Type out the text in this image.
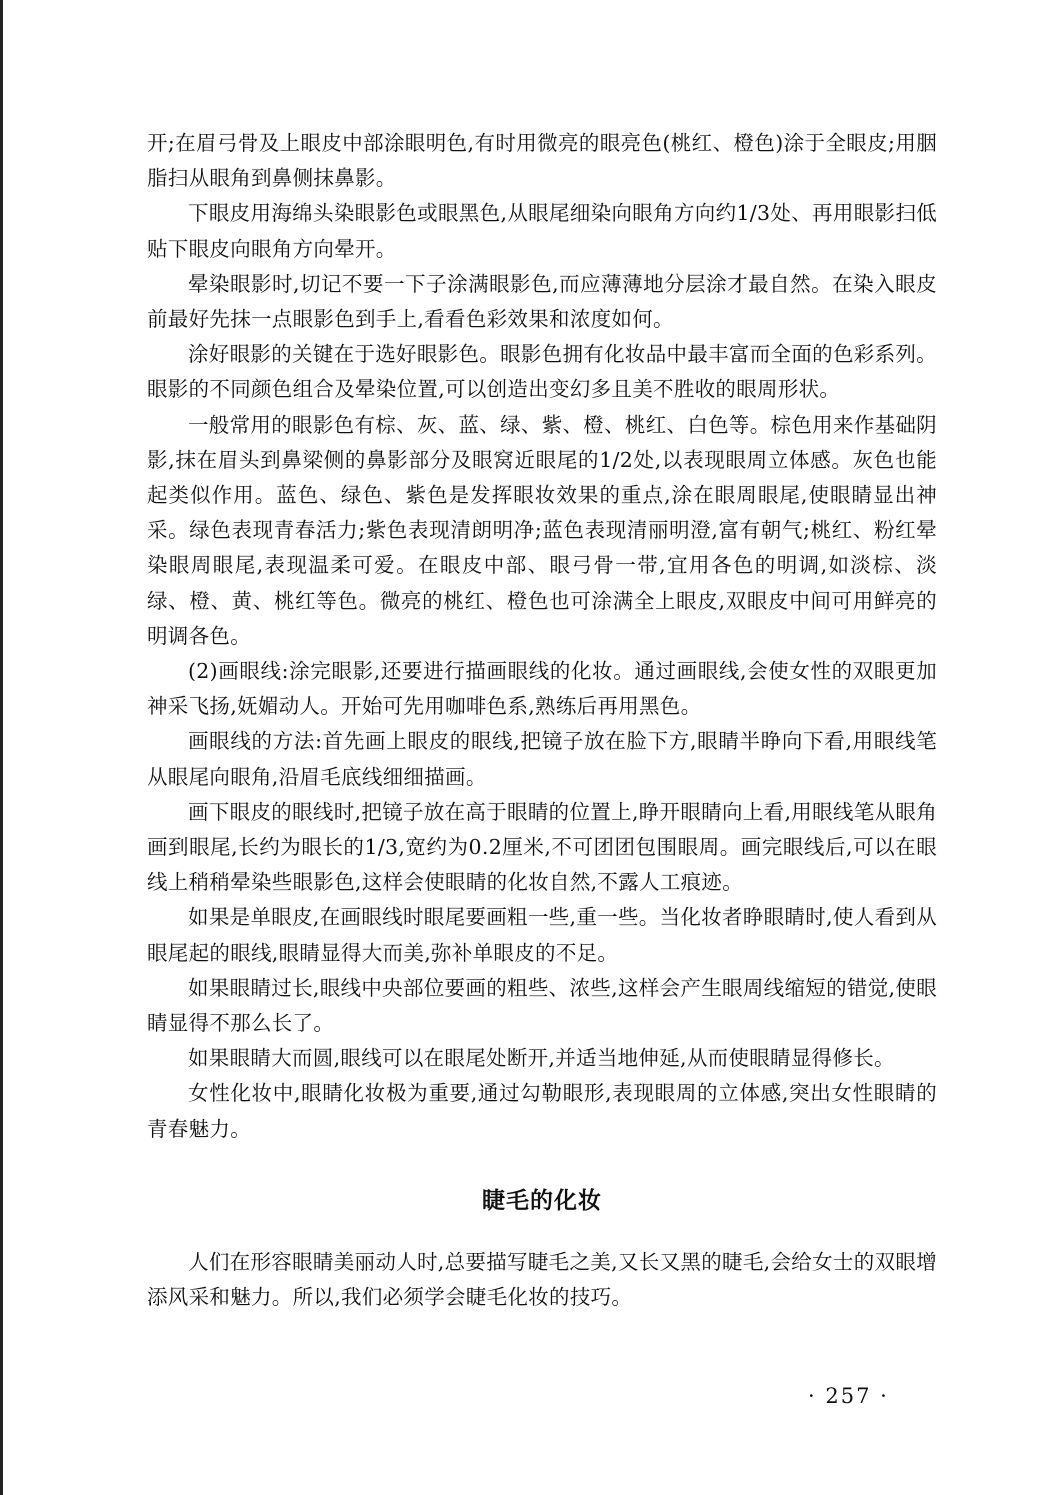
开;在眉弓骨及上眼皮中部涂眼明色,有时用微亮的眼亮色(桃红、橙色)涂于全眼皮;用胭脂扫从眼角到鼻侧抹鼻影。

下眼皮用海绵头染眼影色或眼黑色,从眼尾细染向眼角方向约1/3处、再用眼影扫低贴下眼皮向眼角方向晕开。

晕染眼影时,切记不要一下子涂满眼影色,而应薄薄地分层涂才最自然。在染入眼皮前最好先抹一点眼影色到手上,看看色彩效果和浓度如何。

涂好眼影的关键在于选好眼影色。眼影色拥有化妆品中最丰富而全面的色彩系列。眼影的不同颜色组合及晕染位置,可以创造出变幻多且美不胜收的眼周形状。

一般常用的眼影色有棕、灰、蓝、绿、紫、橙、桃红、白色等。棕色用来作基础阴影,抹在眉头到鼻梁侧的鼻影部分及眼窝近眼尾的1/2处,以表现眼周立体感。灰色也能起类似作用。蓝色、绿色、紫色是发挥眼妆效果的重点,涂在眼周眼尾,使眼睛显出神采。绿色表现青春活力;紫色表现清朗明净;蓝色表现清丽明澄,富有朝气;桃红、粉红晕染眼周眼尾,表现温柔可爱。在眼皮中部、眼弓骨一带,宜用各色的明调,如淡棕、淡绿、橙、黄、桃红等色。微亮的桃红、橙色也可涂满全上眼皮,双眼皮中间可用鲜亮的明调各色。

(2)画眼线:涂完眼影,还要进行描画眼线的化妆。通过画眼线,会使女性的双眼更加神采飞扬,妩媚动人。开始可先用咖啡色系,熟练后再用黑色。

画眼线的方法:首先画上眼皮的眼线,把镜子放在脸下方,眼睛半睁向下看,用眼线笔从眼尾向眼角,沿眉毛底线细细描画。

画下眼皮的眼线时,把镜子放在高于眼睛的位置上,睁开眼睛向上看,用眼线笔从眼角画到眼尾,长约为眼长的1/3,宽约为0.2厘米,不可团团包围眼周。画完眼线后,可以在眼线上稍稍晕染些眼影色,这样会使眼睛的化妆自然,不露人工痕迹。

如果是单眼皮,在画眼线时眼尾要画粗一些,重一些。当化妆者睁眼睛时,使人看到从眼尾起的眼线,眼睛显得大而美,弥补单眼皮的不足。

如果眼睛过长,眼线中央部位要画的粗些、浓些,这样会产生眼周线缩短的错觉,使眼睛显得不那么长了。

如果眼睛大而圆,眼线可以在眼尾处断开,并适当地伸延,从而使眼睛显得修长。

女性化妆中,眼睛化妆极为重要,通过勾勒眼形,表现眼周的立体感,突出女性眼睛的青春魅力。

睫毛的化妆

人们在形容眼睛美丽动人时,总要描写睫毛之美,又长又黑的睫毛,会给女士的双眼增添风采和魅力。所以,我们必须学会睫毛化妆的技巧。

· 257 ·
